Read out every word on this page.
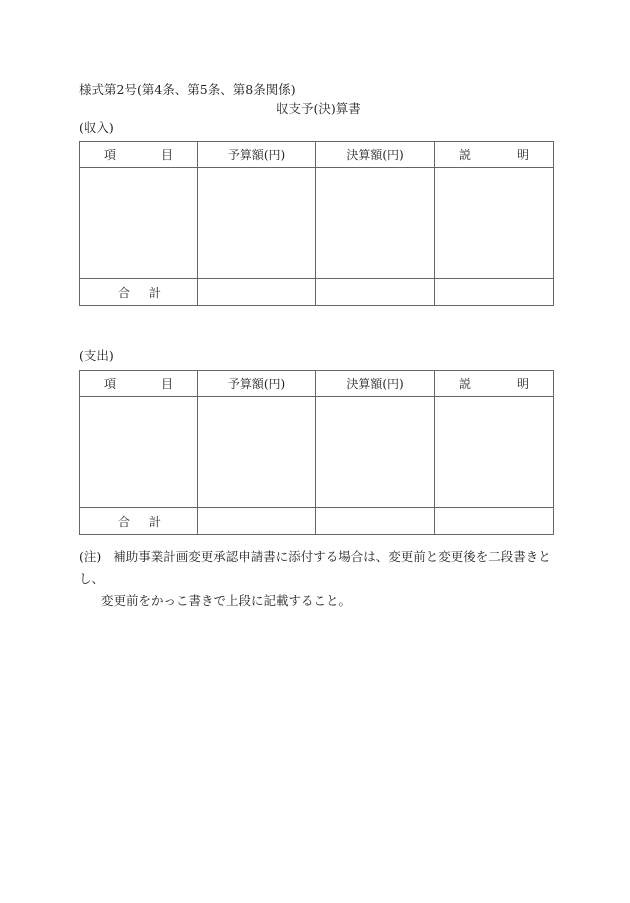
様式第2号(第4条、第5条、第8条関係)
収支予(決)算書
(収入)
項 目	予算額(円)	決算額(円)	説 明

合 計			

(支出)
項 目	予算額(円)	決算額(円)	説 明

合 計			

(注) 補助事業計画変更承認申請書に添付する場合は、変更前と変更後を二段書きとし、
変更前をかっこ書きで上段に記載すること。
